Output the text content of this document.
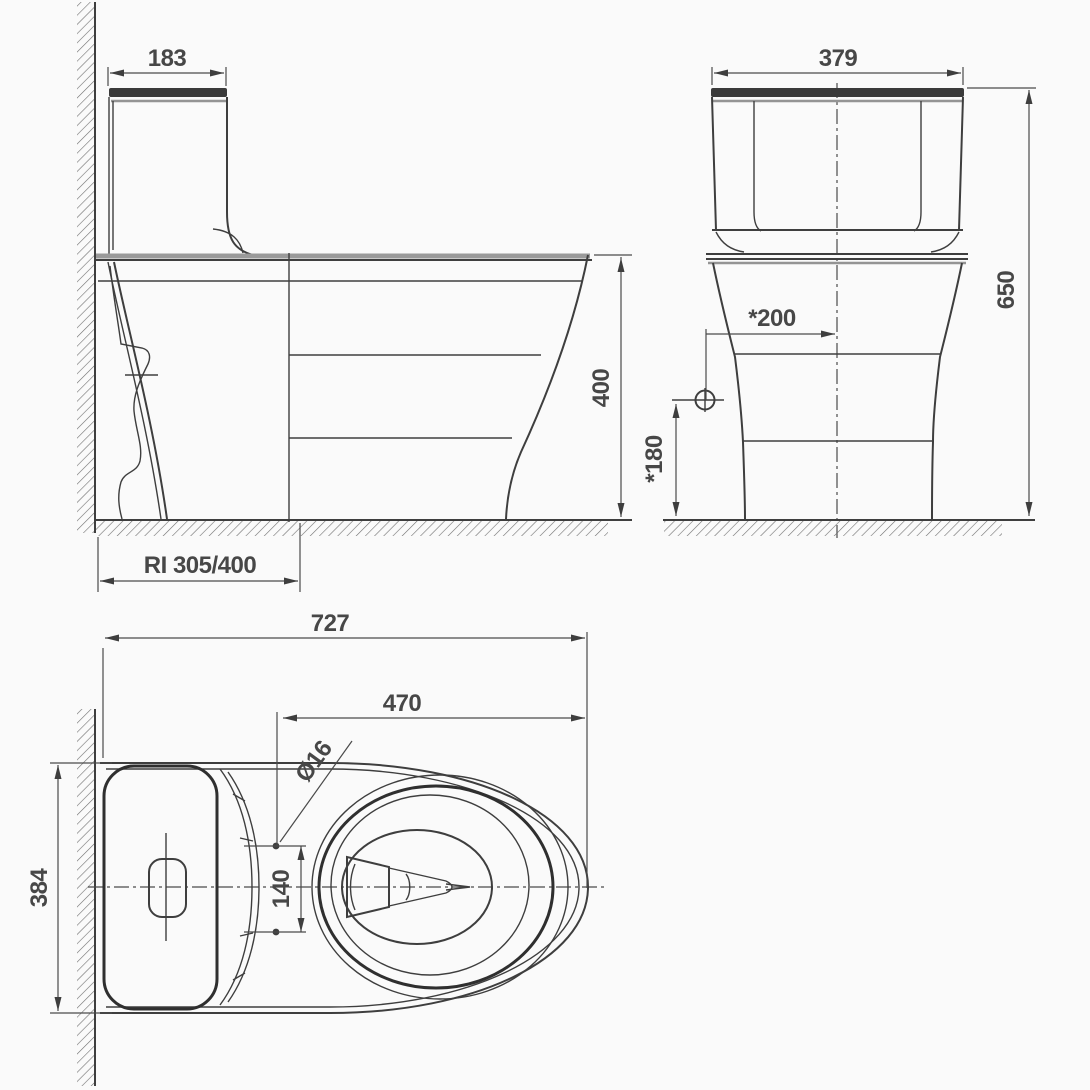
183
RI 305/400
400
379
*200
*180
650
727
470
Ø16
140
384
